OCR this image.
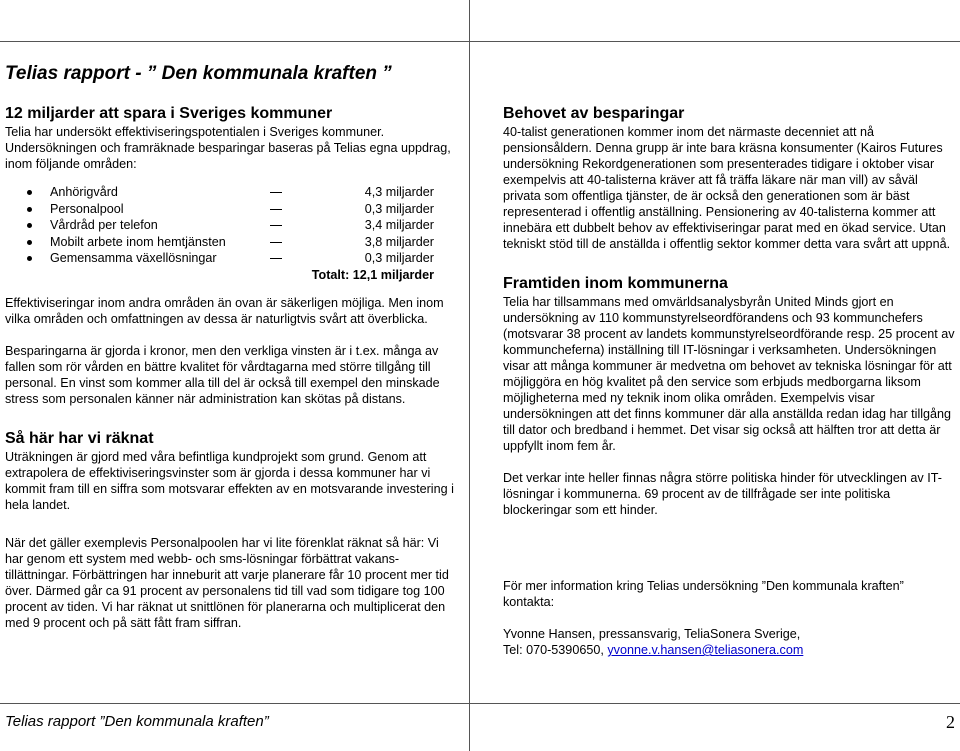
Telias rapport - ” Den kommunala kraften ”
12 miljarder att spara i Sveriges kommuner

Telia har undersökt effektiviseringspotentialen i Sveriges kommuner.

Undersökningen och framräknade besparingar baseras på Telias egna uppdrag, inom följande områden:

Anhörigvård	4,3 miljarder
Personalpool	0,3 miljarder
Vårdråd per telefon	3,4 miljarder
Mobilt arbete inom hemtjänsten	3,8 miljarder
Gemensamma växellösningar	0,3 miljarder
Totalt: 12,1 miljarder

Effektiviseringar inom andra områden än ovan är säkerligen möjliga. Men inom vilka områden och omfattningen av dessa är naturligtvis svårt att överblicka.

Besparingarna är gjorda i kronor, men den verkliga vinsten är i t.ex. många av fallen som rör vården en bättre kvalitet för vårdtagarna med större tillgång till personal. En vinst som kommer alla till del är också till exempel den minskade stress som personalen känner när administration kan skötas på distans.

Så här har vi räknat

Uträkningen är gjord med våra befintliga kundprojekt som grund. Genom att extrapolera de effektiviseringsvinster som är gjorda i dessa kommuner har vi kommit fram till en siffra som motsvarar effekten av en motsvarande investering i hela landet.

När det gäller exemplevis Personalpoolen har vi lite förenklat räknat så här: Vi har genom ett system med webb- och sms-lösningar förbättrat vakans-tillättningar. Förbättringen har inneburit att varje planerare får 10 procent mer tid över. Därmed går ca 91 procent av personalens tid till vad som tidigare tog 100 procent av tiden. Vi har räknat ut snittlönen för planerarna och multiplicerat den med 9 procent och på sätt fått fram siffran.

Behovet av besparingar

40-talist generationen kommer inom det närmaste decenniet att nå pensionsåldern. Denna grupp är inte bara kräsna konsumenter (Kairos Futures undersökning Rekordgenerationen som presenterades tidigare i oktober visar exempelvis att 40-talisterna kräver att få träffa läkare när man vill) av såväl privata som offentliga tjänster, de är också den generationen som är bäst representerad i offentlig anställning. Pensionering av 40-talisterna kommer att innebära ett dubbelt behov av effektiviseringar parat med en ökad service. Utan tekniskt stöd till de anställda i offentlig sektor kommer detta vara svårt att uppnå.

Framtiden inom kommunerna

Telia har tillsammans med omvärldsanalysbyrån United Minds gjort en undersökning av 110 kommunstyrelseordförandens och 93 kommunchefers (motsvarar 38 procent av landets kommunstyrelseordförande resp. 25 procent av kommuncheferna) inställning till IT-lösningar i verksamheten. Undersökningen visar att många kommuner är medvetna om behovet av tekniska lösningar för att möjliggöra en hög kvalitet på den service som erbjuds medborgarna liksom möjligheterna med ny teknik inom olika områden. Exempelvis visar undersökningen att det finns kommuner där alla anställda redan idag har tillgång till dator och bredband i hemmet. Det visar sig också att hälften tror att detta är uppfyllt inom fem år.

Det verkar inte heller finnas några större politiska hinder för utvecklingen av IT-lösningar i kommunerna. 69 procent av de tillfrågade ser inte politiska blockeringar som ett hinder.

För mer information kring Telias undersökning ”Den kommunala kraften” kontakta:

Yvonne Hansen, pressansvarig, TeliaSonera Sverige,

Tel: 070-5390650, yvonne.v.hansen@teliasonera.com

Telias rapport ”Den kommunala kraften”	2
